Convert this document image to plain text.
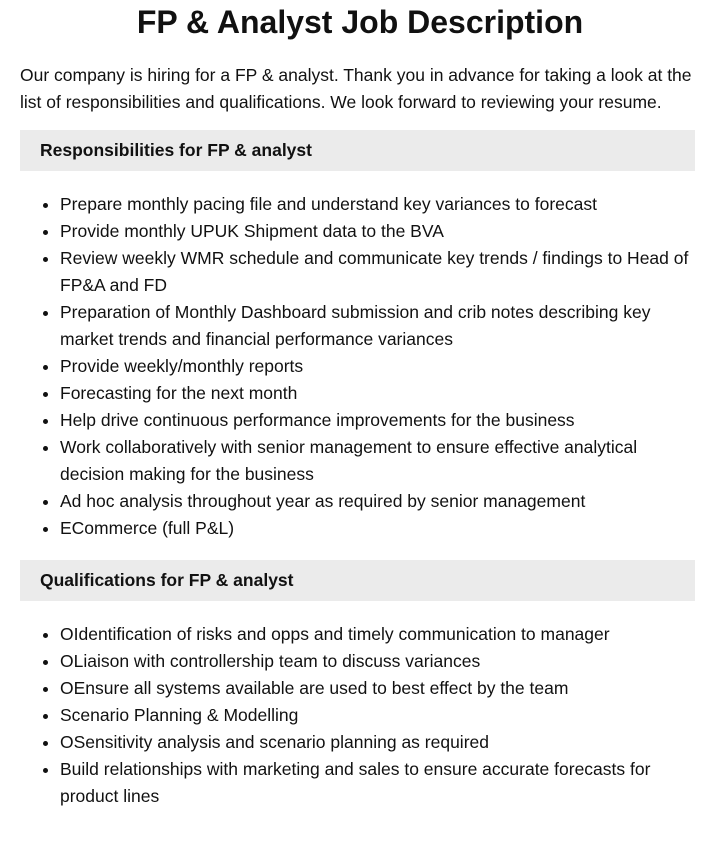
FP & Analyst Job Description

Our company is hiring for a FP & analyst. Thank you in advance for taking a look at the list of responsibilities and qualifications. We look forward to reviewing your resume.

Responsibilities for FP & analyst
• Prepare monthly pacing file and understand key variances to forecast
• Provide monthly UPUK Shipment data to the BVA
• Review weekly WMR schedule and communicate key trends / findings to Head of FP&A and FD
• Preparation of Monthly Dashboard submission and crib notes describing key market trends and financial performance variances
• Provide weekly/monthly reports
• Forecasting for the next month
• Help drive continuous performance improvements for the business
• Work collaboratively with senior management to ensure effective analytical decision making for the business
• Ad hoc analysis throughout year as required by senior management
• ECommerce (full P&L)
Qualifications for FP & analyst
• OIdentification of risks and opps and timely communication to manager
• OLiaison with controllership team to discuss variances
• OEnsure all systems available are used to best effect by the team
• Scenario Planning & Modelling
• OSensitivity analysis and scenario planning as required
• Build relationships with marketing and sales to ensure accurate forecasts for product lines
